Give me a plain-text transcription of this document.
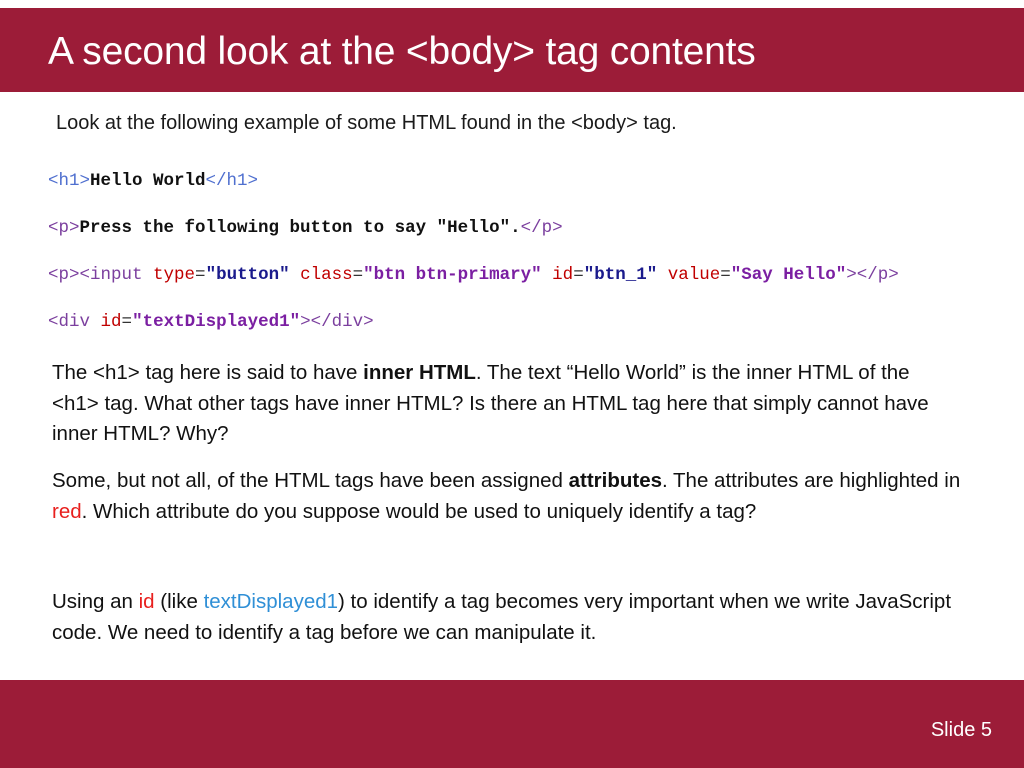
A second look at the <body> tag contents
Look at the following example of some HTML found in the <body> tag.
<h1>Hello World</h1>
<p>Press the following button to say "Hello".</p>
<p><input type="button" class="btn btn-primary" id="btn_1" value="Say Hello"></p>
<div id="textDisplayed1"></div>
The <h1> tag here is said to have inner HTML. The text “Hello World” is the inner HTML of the <h1> tag. What other tags have inner HTML? Is there an HTML tag here that simply cannot have inner HTML? Why?
Some, but not all, of the HTML tags have been assigned attributes. The attributes are highlighted in red. Which attribute do you suppose would be used to uniquely identify a tag?
Using an id (like textDisplayed1) to identify a tag becomes very important when we write JavaScript code. We need to identify a tag before we can manipulate it.
Slide 5
